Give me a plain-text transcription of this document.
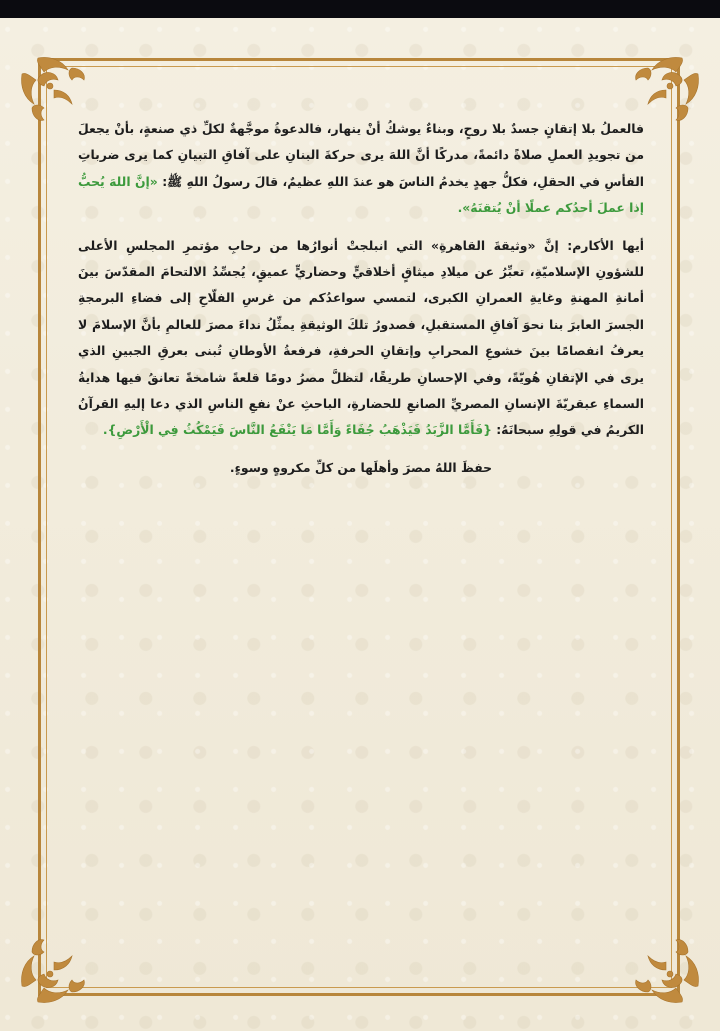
فالعملُ بلا إتقانٍ جسدٌ بلا روحٍ، وبناءٌ يوشكُ أنْ ينهار، فالدعوةُ موجَّهةٌ لكلِّ ذي صنعةٍ، بأنْ يجعلَ من تجويدِ العملِ صلاةً دائمةً، مدركًا أنَّ اللهَ يرى حركةَ البنانِ على آفاقِ التبيانِ كما يرى ضرباتِ الفأسِ في الحقلِ، فكلُّ جهدٍ يخدمُ الناسَ هو عندَ اللهِ عظيمٌ، قالَ رسولُ اللهِ ﷺ: «إنَّ اللهَ يُحبُّ إذا عملَ أحدُكم عملًا أنْ يُتقنَهُ».

أيها الأكارم: إنَّ «وثيقةَ القاهرةِ» التي انبلجتْ أنوارُها من رحابِ مؤتمرِ المجلسِ الأعلى للشؤونِ الإسلاميّةِ، تعبِّرُ عن ميلادِ ميثاقٍ أخلاقيٍّ وحضاريٍّ عميقٍ، يُجسِّدُ الالتحامَ المقدّسَ بينَ أمانةِ المهنةِ وغايةِ العمرانِ الكبرى، لتمسي سواعدُكم من غرسِ الفلّاحِ إلى فضاءِ البرمجةِ الجسرَ العابرَ بنا نحوَ آفاقِ المستقبلِ، فصدورُ تلكَ الوثيقةِ يمثِّلُ نداءَ مصرَ للعالمِ بأنَّ الإسلامَ لا يعرفُ انفصامًا بينَ خشوعِ المحرابِ وإتقانِ الحرفةِ، فرفعةُ الأوطانِ تُبنى بعرقِ الجبينِ الذي يرى في الإتقانِ هُويّةً، وفي الإحسانِ طريقًا، لتظلَّ مصرُ دومًا قلعةً شامخةً تعانقُ فيها هدايةُ السماءِ عبقريّةَ الإنسانِ المصريِّ الصانعِ للحضارةِ، الباحثِ عنْ نفعِ الناسِ الذي دعا إليهِ القرآنُ الكريمُ في قولِهِ سبحانَهُ: {فَأَمَّا الزَّبَدُ فَيَذْهَبُ جُفَاءً وَأَمَّا مَا يَنْفَعُ النَّاسَ فَيَمْكُثُ فِي الْأَرْضِ}.

حفظَ اللهُ مصرَ وأهلَها من كلِّ مكروهٍ وسوءٍ.
